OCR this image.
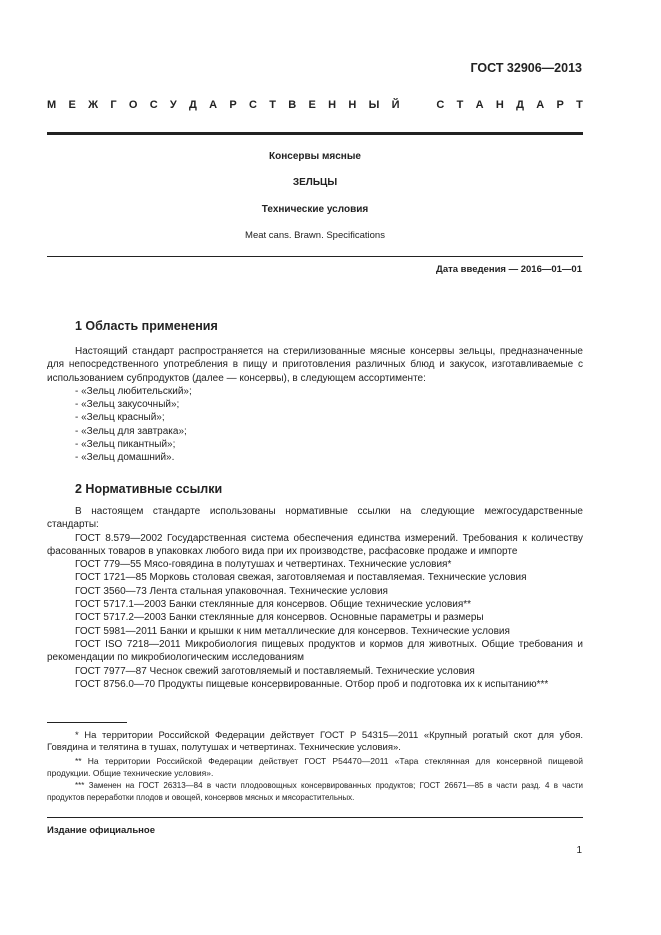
ГОСТ 32906—2013
М Е Ж Г О С У Д А Р С Т В Е Н Н Ы Й	С Т А Н Д А Р Т
Консервы мясные
ЗЕЛЬЦЫ
Технические условия
Meat cans. Brawn. Specifications
Дата введения — 2016—01—01
1 Область применения

Настоящий стандарт распространяется на стерилизованные мясные консервы зельцы, предназначенные для непосредственного употребления в пищу и приготовления различных блюд и закусок, изготавливаемые с использованием субпродуктов (далее — консервы), в следующем ассортименте:

- «Зельц любительский»;

- «Зельц закусочный»;

- «Зельц красный»;

- «Зельц для завтрака»;

- «Зельц пикантный»;

- «Зельц домашний».

2 Нормативные ссылки

В настоящем стандарте использованы нормативные ссылки на следующие межгосударственные стандарты:

ГОСТ 8.579—2002 Государственная система обеспечения единства измерений. Требования к количеству фасованных товаров в упаковках любого вида при их производстве, расфасовке продаже и импорте

ГОСТ 779—55 Мясо-говядина в полутушах и четвертинах. Технические условия*

ГОСТ 1721—85 Морковь столовая свежая, заготовляемая и поставляемая. Технические условия

ГОСТ 3560—73 Лента стальная упаковочная. Технические условия

ГОСТ 5717.1—2003 Банки стеклянные для консервов. Общие технические условия**

ГОСТ 5717.2—2003 Банки стеклянные для консервов. Основные параметры и размеры

ГОСТ 5981—2011 Банки и крышки к ним металлические для консервов. Технические условия

ГОСТ ISO 7218—2011 Микробиология пищевых продуктов и кормов для животных. Общие требования и рекомендации по микробиологическим исследованиям

ГОСТ 7977—87 Чеснок свежий заготовляемый и поставляемый. Технические условия

ГОСТ 8756.0—70 Продукты пищевые консервированные. Отбор проб и подготовка их к испытанию***

* На территории Российской Федерации действует ГОСТ Р 54315—2011 «Крупный рогатый скот для убоя. Говядина и телятина в тушах, полутушах и четвертинах. Технические условия».

** На территории Российской Федерации действует ГОСТ Р54470—2011 «Тара стеклянная для консервной пищевой продукции. Общие технические условия».

*** Заменен на ГОСТ 26313—84 в части плодоовощных консервированных продуктов; ГОСТ 26671—85 в части разд. 4 в части продуктов переработки плодов и овощей, консервов мясных и мясорастительных.

Издание официальное
1
